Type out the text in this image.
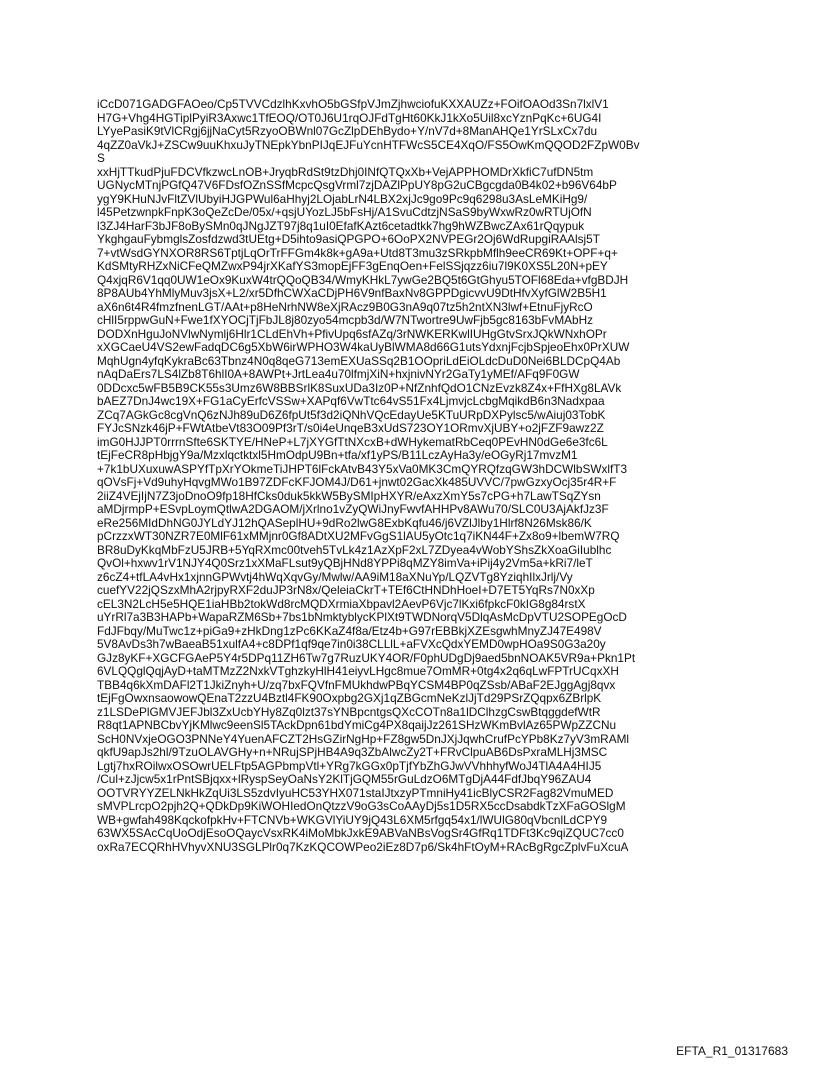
iCcD071GADGFAOeo/Cp5TVVCdzlhKxvhO5bGSfpVJmZjhwciofuKXXAUZz+FOifOAOd3Sn7lxlV1
H7G+Vhg4HGTiplPyiR3Axwc1TfEOQ/OT0J6U1rqOJFdTgHt60KkJ1kXo5Uil8xcYznPqKc+6UG4I
LYyePasiK9tVlCRgj6jjNaCyt5RzyoOBWnl07GcZlpDEhBydo+Y/nV7d+8ManAHQe1YrSLxCx7du
4qZZ0aVkJ+ZSCw9uuKhxuJyTNEpkYbnPIJqEJFuYcnHTFWcS5CE4XqO/FS5OwKmQQOD2FZpW0Bv
S
xxHjTTkudPjuFDCVfkzwcLnOB+JryqbRdSt9tzDhj0INfQTQxXb+VejAPPHOMDrXkfiC7ufDN5tm
UGNycMTnjPGfQ47V6FDsfOZnSSfMcpcQsgVrml7zjDAZlPpUY8pG2uCBgcgda0B4k02+b96V64bP
ygY9KHuNJvFltZVlUbyiHJGPWul6aHhyj2LOjabLrN4LBX2xjJc9go9Pc9q6298u3AsLeMKiHg9/
l45PetzwnpkFnpK3oQeZcDe/05x/+qsjUYozLJ5bFsHj/A1SvuCdtzjNSaS9byWxwRz0wRTUjOfN
l3ZJ4HarF3bJF8oBySMn0qJNgJZT97j8q1uI0EfafKAzt6cetadtkk7hg9hWZBwcZAx61rQqypuk
YkghgauFybmglsZosfdzwd3tUEtg+D5ihto9asiQPGPO+6OoPX2NVPEGr2Oj6WdRupgiRAAlsj5T
7+vtWsdGYNXOR8RS6TptjLqOrTrFFGm4k8k+gA9a+Utd8T3mu3zSRkpbMflh9eeCR69Kt+OPF+q+
KdSMtyRHZxNiCFeQMZwxP94jrXKafYS3mopEjFF3gEnqOen+FelSSjqzz6iu7l9K0XS5L20N+pEY
Q4xjqR6V1qq0UW1eOx9KuxW4trQQoQB34/WmyKHkL7ywGe2BQ5t6GtGhyu5TOFl68Eda+vfgBDJH
8P8AUb4YhMlyMuv3jsX+L2/xr5DfhCWXaCDjPH6V9nfBaxNv8GPPDgicvvU9DtHfvXyfGlW2B5H1
aX6n6t4R4fmzfnenLGT/AAt+p8HeNrhNW8eXjRAcz9B0G3nA9q07tz5h2ntXN3lwf+EtnuFjyRcO
cHlI5rppwGuN+Fwe1fXYOCjTjFbJL8j80zyo54mcpb3d/W7NTwortre9UwFjb5gc8163bFvMAbHz
DODXnHguJoNVlwNymlj6Hlr1CLdEhVh+PfivUpq6sfAZq/3rNWKERKwlIUHgGtvSrxJQkWNxhOPr
xXGCaeU4VS2ewFadqDC6g5XbW6irWPHO3W4kaUyBlWMA8d66G1utsYdxnjFcjbSpjeoEhx0PrXUW
MqhUgn4yfqKykraBc63Tbnz4N0q8qeG713emEXUaSSq2B1OOpriLdEiOLdcDuD0Nei6BLDCpQ4Ab
nAqDaErs7LS4lZb8T6hlI0A+8AWPt+JrtLea4u70lfmjXiN+hxjnivNYr2GaTy1yMEf/AFq9F0GW
0DDcxc5wFB5B9CK55s3Umz6W8BBSrlK8SuxUDa3Iz0P+NfZnhfQdO1CNzEvzk8Z4x+FfHXg8LAVk
bAEZ7DnJ4wc19X+FG1aCyErfcVSSw+XAPqf6VwTtc64vS51Fx4LjmvjcLcbgMqikdB6n3Nadxpaa
ZCq7AGkGc8cgVnQ6zNJh89uD6Z6fpUt5f3d2iQNhVQcEdayUe5KTuURpDXPylsc5/wAiuj03TobK
FYJcSNzk46jP+FWtAtbeVt83O09Pf3rT/s0i4eUnqeB3xUdS723OY1ORmvXjUBY+o2jFZF9awz2Z
imG0HJJPT0rrrnSfte6SKTYE/HNeP+L7jXYGfTtNXcxB+dWHykematRbCeq0PEvHN0dGe6e3fc6L
tEjFeCR8pHbjgY9a/Mzxlqctktxl5HmOdpU9Bn+tfa/xf1yPS/B11LczAyHa3y/eOGyRj17mvzM1
+7k1bUXuxuwASPYfTpXrYOkmeTiJHPT6lFckAtvB43Y5xVa0MK3CmQYRQfzqGW3hDCWlbSWxlfT3
qOVsFj+Vd9uhyHqvgMWo1B97ZDFcKFJOM4J/D61+jnwt02GacXk485UVVC/7pwGzxyOcj35r4R+F
2iiZ4VEjIjN7Z3joDnoO9fp18HfCks0duk5kkW5BySMIpHXYR/eAxzXmY5s7cPG+h7LawTSqZYsn
aMDjrmpP+ESvpLoymQtlwA2DGAOM/jXrlno1vZyQWiJnyFwvfAHHPv8AWu70/SLC0U3AjAkfJz3F
eRe256MIdDhNG0JYLdYJ12hQASeplHU+9dRo2lwG8ExbKqfu46/j6VZlJlby1Hlrf8N26Msk86/K
pCrzzxWT30NZR7E0MlF61xMMjnr0Gf8ADtXU2MFvGgS1lAU5yOtc1q7iKN44F+Zx8o9+lbemW7RQ
BR8uDyKkqMbFzU5JRB+5YqRXmc00tveh5TvLk4z1AzXpF2xL7ZDyea4vWobYShsZkXoaGiIublhc
QvOl+hxwv1rV1NJY4Q0Srz1xXMaFLsut9yQBjHNd8YPPi8qMZY8imVa+iPij4y2Vm5a+kRi7/leT
z6cZ4+tfLA4vHx1xjnnGPWvtj4hWqXqvGy/Mwlw/AA9iM18aXNuYp/LQZVTg8YziqhIlxJrlj/Vy
cuefYV22jQSzxMhA2rjpyRXF2duJP3rN8x/QeleiaCkrT+TEf6CtHNDhHoeI+D7ET5YqRs7N0xXp
cEL3N2LcH5e5HQE1iaHBb2tokWd8rcMQDXrmiaXbpavl2AevP6Vjc7lKxi6fpkcF0kIG8g84rstX
uYrRl7a3B3HAPb+WapaRZM6Sb+7bs1bNmktyblycKPlXt9TWDNorqV5DlqAsMcDpVTU2SOPEgOcD
FdJFbqy/MuTwc1z+piGa9+zHkDng1zPc6KKaZ4f8a/Etz4b+G97rEBBkjXZEsgwhMnyZJ47E498V
5V8AvDs3h7wBaeaB51xulfA4+c8DPf1qf9qe7in0i38CLLlL+aFVXcQdxYEMD0wpHOa9S0G3a20y
GJz8yKF+XGCFGAeP5Y4r5DPq11ZH6Tw7g7RuzUKY4OR/F0phUDgDj9aed5bnNOAK5VR9a+Pkn1Pt
6VLQQglQqjAyD+taMTMzZ2NxkVTghzkyHlH41eiyvLHgc8mue7OmMR+0tg4x2q6qLwFPTrUCqxXH
TBB4q6kXmDAFl2T1JkiZnyh+U/zq7bxFQVfnFMUkhdwPBqYCSM4BP0qZSsb/ABaF2EJggAgj8qvx
tEjFgOwxnsaowowQEnaT2zzU4Bztl4FK90Oxpbg2GXj1qZBGcmNeKzlJjTd29PSrZQqpx6ZBrlpK
z1LSDePlGMVJEFJbl3ZxUcbYHy8Zq0lzt37sYNBpcntgsQXcCOTn8a1lDClhzgCswBtqggdefWtR
R8qt1APNBCbvYjKMlwc9eenSl5TAckDpn61bdYmiCg4PX8qaijJz261SHzWKmBvlAz65PWpZZCNu
ScH0NVxjeOGO3PNNeY4YuenAFCZT2HsGZirNgHp+FZ8gw5DnJXjJqwhCrufPcYPb8Kz7yV3mRAMl
qkfU9apJs2hl/9TzuOLAVGHy+n+NRujSPjHB4A9q3ZbAlwcZy2T+FRvClpuAB6DsPxraMLHj3MSC
Lgtj7hxROilwxOSOwrUELFtp5AGPbmpVtl+YRg7kGGx0pTjfYbZhGJwVVhhhyfWoJ4TlA4A4HIJ5
/Cul+zJjcw5x1rPntSBjqxx+lRyspSeyOaNsY2KlTjGQM55rGuLdzO6MTgDjA44FdfJbqY96ZAU4
OOTVRYYZELNkHkZqUi3LS5zdvIyuHC53YHX071staIJtxzyPTmniHy41icBlyCSR2Fag82VmuMED
sMVPLrcpO2pjh2Q+QDkDp9KiWOHIedOnQtzzV9oG3sCoAAyDj5s1D5RX5ccDsabdkTzXFaGOSlgM
WB+gwfah498KqckofpkHv+FTCNVb+WKGVlYiUY9jQ43L6XM5rfgq54x1/lWUlG80qVbcnlLdCPY9
63WX5SAcCqUoOdjEsoOQaycVsxRK4iMoMbkJxkE9ABVaNBsVogSr4GfRq1TDFt3Kc9qiZQUC7cc0
oxRa7ECQRhHVhyvXNU3SGLPlr0q7KzKQCOWPeo2iEz8D7p6/Sk4hFtOyM+RAcBgRgcZplvFuXcuA
EFTA_R1_01317683
